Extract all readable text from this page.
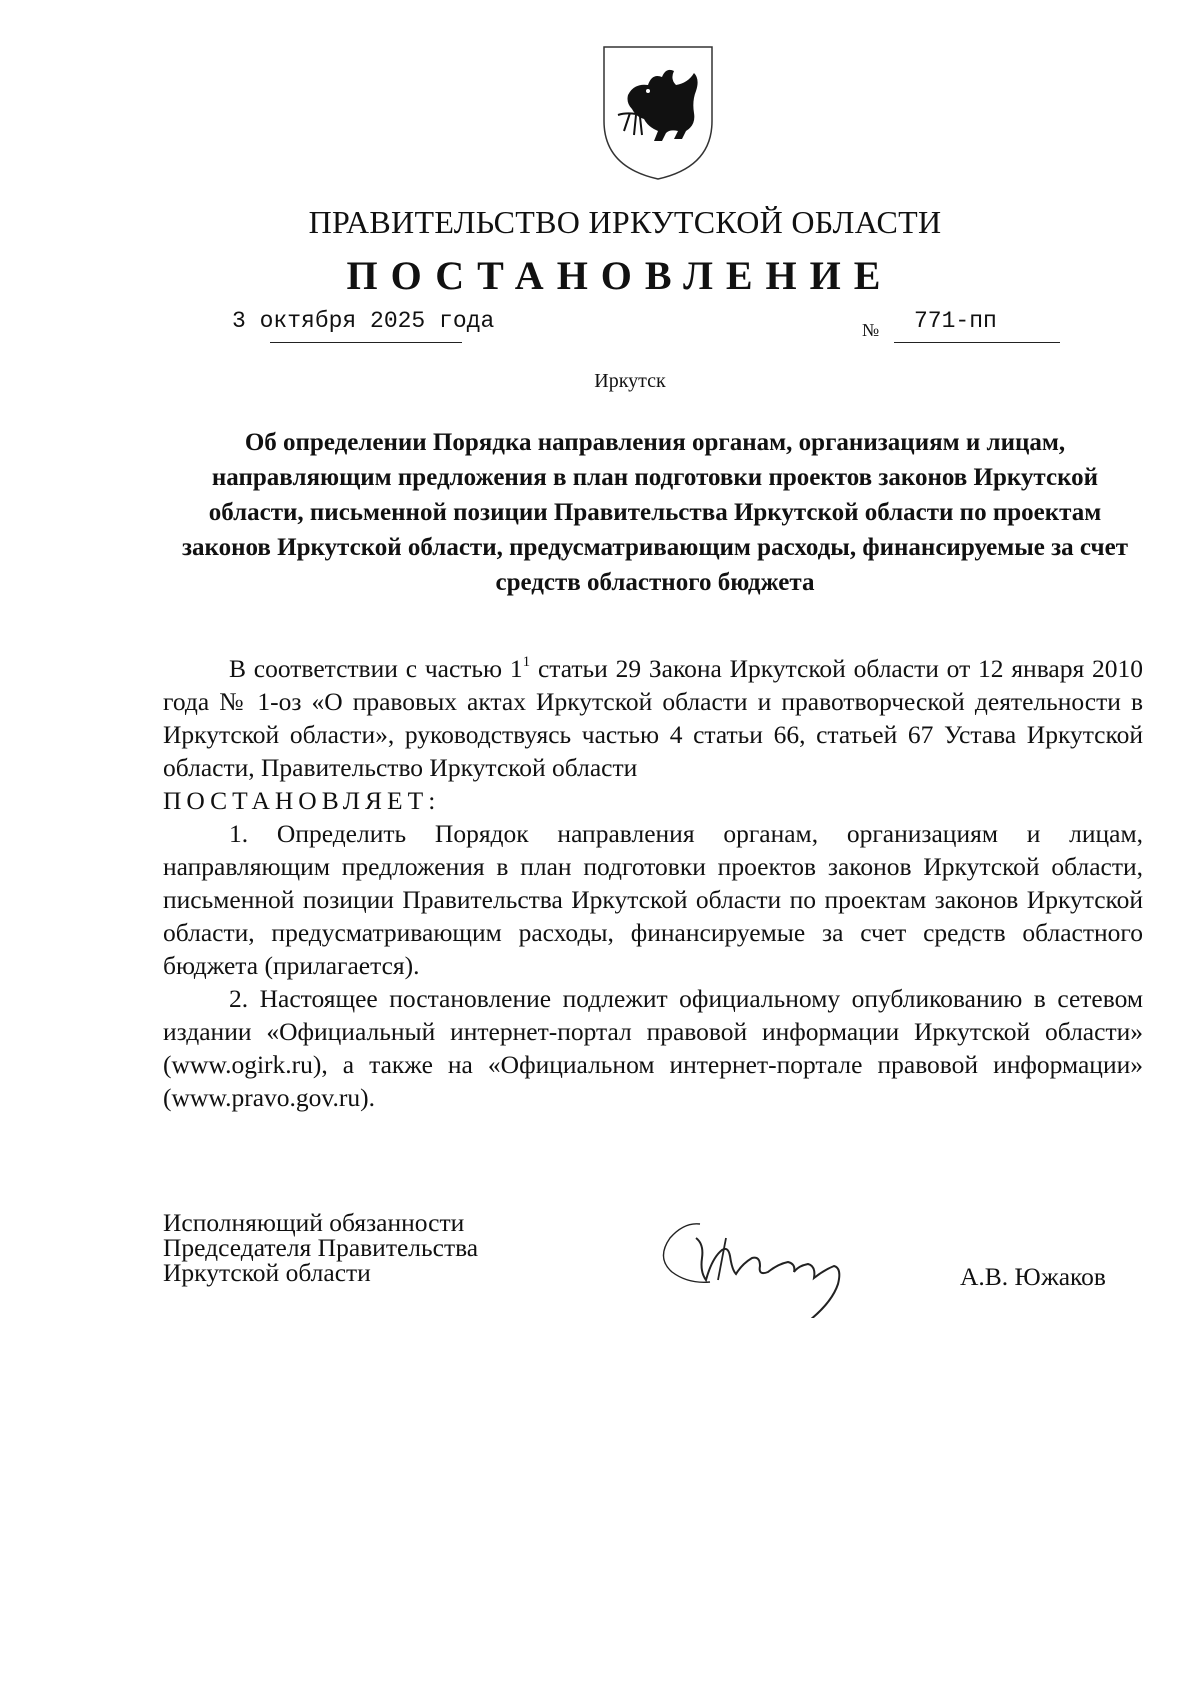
ПРАВИТЕЛЬСТВО ИРКУТСКОЙ ОБЛАСТИ
ПОСТАНОВЛЕНИЕ
3 октября 2025 года	№ 771-пп
Иркутск
Об определении Порядка направления органам, организациям и лицам, направляющим предложения в план подготовки проектов законов Иркутской области, письменной позиции Правительства Иркутской области по проектам законов Иркутской области, предусматривающим расходы, финансируемые за счет средств областного бюджета

В соответствии с частью $1^1$ статьи 29 Закона Иркутской области от 12 января 2010 года № 1-оз «О правовых актах Иркутской области и правотворческой деятельности в Иркутской области», руководствуясь частью 4 статьи 66, статьей 67 Устава Иркутской области, Правительство Иркутской области

ПОСТАНОВЛЯЕТ:

1. Определить Порядок направления органам, организациям и лицам, направляющим предложения в план подготовки проектов законов Иркутской области, письменной позиции Правительства Иркутской области по проектам законов Иркутской области, предусматривающим расходы, финансируемые за счет средств областного бюджета (прилагается).

2. Настоящее постановление подлежит официальному опубликованию в сетевом издании «Официальный интернет-портал правовой информации Иркутской области» (www.ogirk.ru), а также на «Официальном интернет-портале правовой информации» (www.pravo.gov.ru).

Исполняющий обязанности
Председателя Правительства
Иркутской области	А.В. Южаков
